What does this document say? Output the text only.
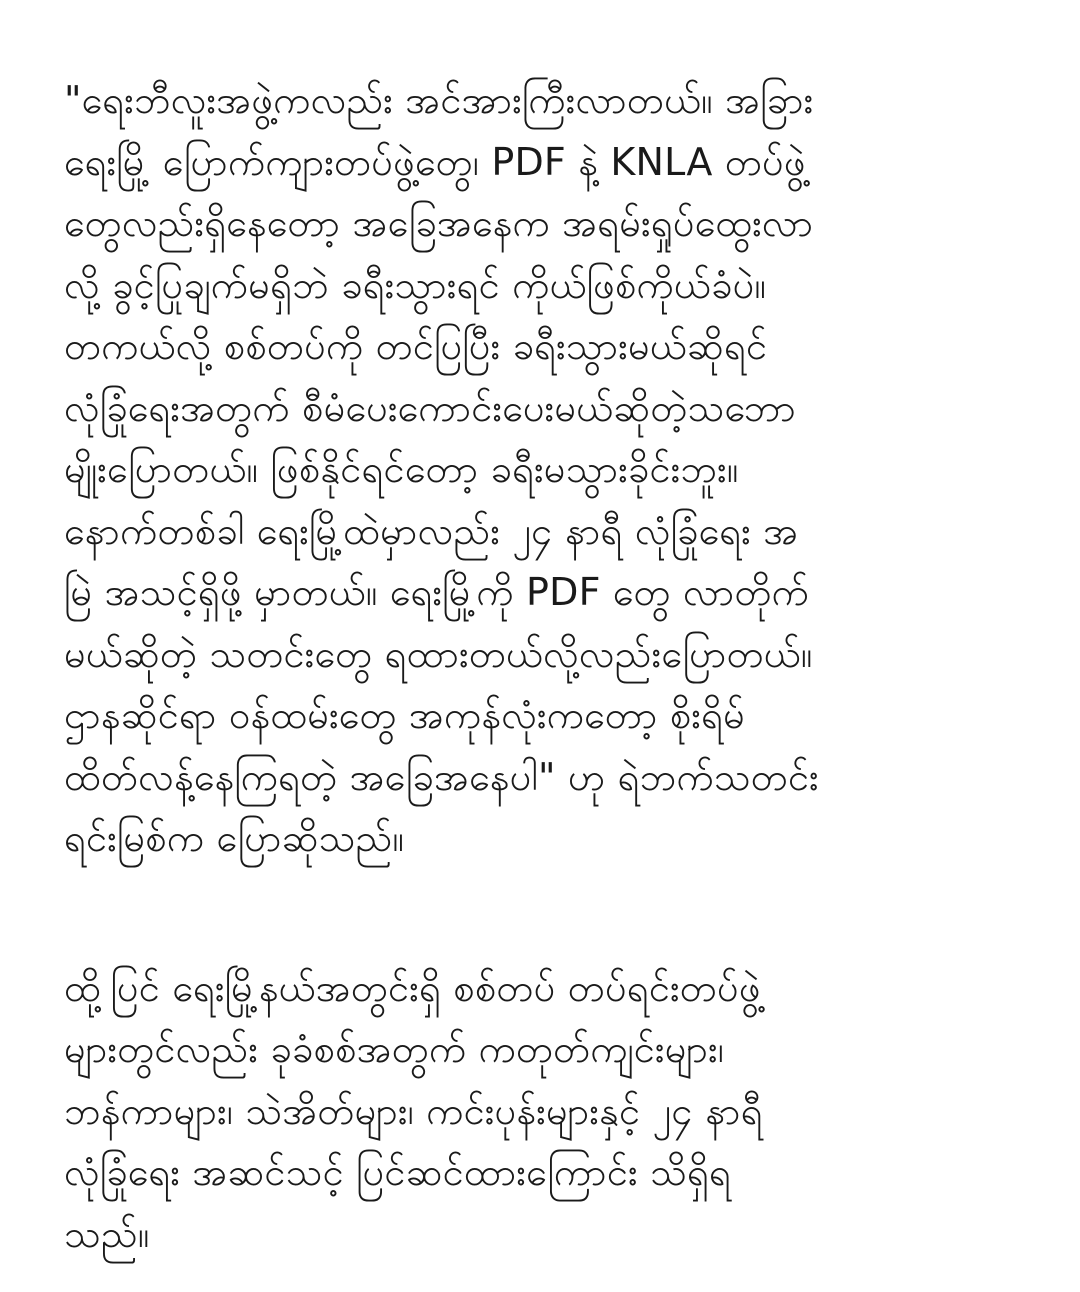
"ရေးဘီလူးအဖွဲ့ကလည်း အင်အားကြီးလာတယ်။ အခြား
ရေးမြို့ ပြောက်ကျားတပ်ဖွဲ့တွေ၊ PDF နဲ့ KNLA တပ်ဖွဲ့
တွေလည်းရှိနေတော့ အခြေအနေက အရမ်းရှုပ်ထွေးလာ
လို့ ခွင့်ပြုချက်မရှိဘဲ ခရီးသွားရင် ကိုယ်ဖြစ်ကိုယ်ခံပဲ။
တကယ်လို့ စစ်တပ်ကို တင်ပြပြီး ခရီးသွားမယ်ဆိုရင်
လုံခြုံရေးအတွက် စီမံပေးကောင်းပေးမယ်ဆိုတဲ့သဘော
မျိုးပြောတယ်။ ဖြစ်နိုင်ရင်တော့ ခရီးမသွားခိုင်းဘူး။
နောက်တစ်ခါ ရေးမြို့ထဲမှာလည်း ၂၄ နာရီ လုံခြုံရေး အ
မြဲ အသင့်ရှိဖို့ မှာတယ်။ ရေးမြို့ကို PDF တွေ လာတိုက်
မယ်ဆိုတဲ့ သတင်းတွေ ရထားတယ်လို့လည်းပြောတယ်။
ဌာနဆိုင်ရာ ဝန်ထမ်းတွေ အကုန်လုံးကတော့ စိုးရိမ်
ထိတ်လန့်နေကြရတဲ့ အခြေအနေပါ" ဟု ရဲဘက်သတင်း
ရင်းမြစ်က ပြောဆိုသည်။
ထို့ပြင် ရေးမြို့နယ်အတွင်းရှိ စစ်တပ် တပ်ရင်းတပ်ဖွဲ့
များတွင်လည်း ခုခံစစ်အတွက် ကတုတ်ကျင်းများ၊
ဘန်ကာများ၊ သဲအိတ်များ၊ ကင်းပုန်းများနှင့် ၂၄ နာရီ
လုံခြုံရေး အဆင်သင့် ပြင်ဆင်ထားကြောင်း သိရှိရ
သည်။
